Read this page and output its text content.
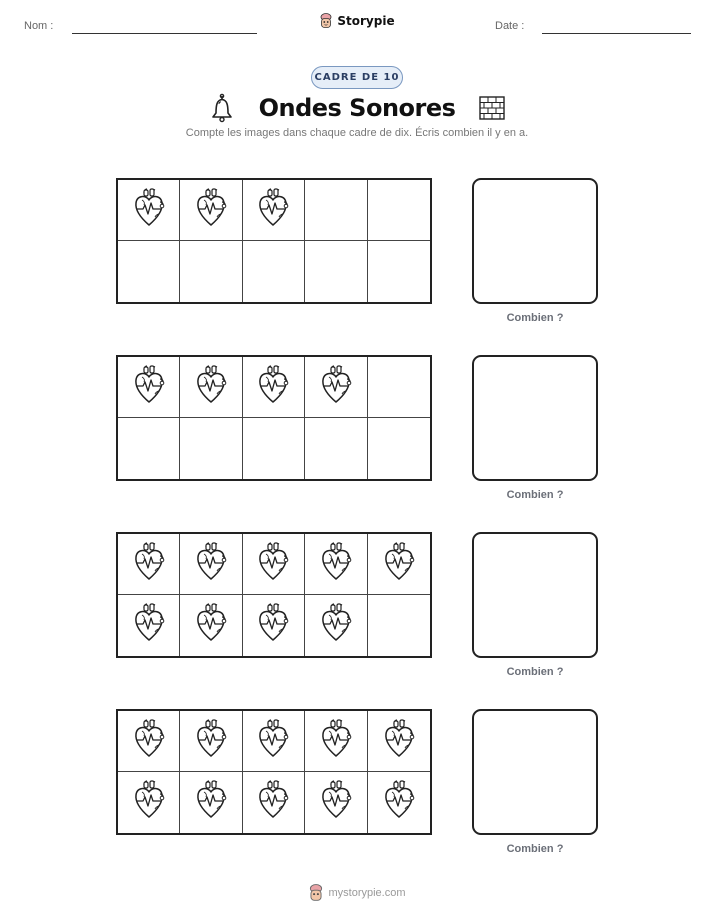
Nom :	Storypie	Date :
CADRE DE 10
Ondes Sonores
Compte les images dans chaque cadre de dix. Écris combien il y en a.
Combien ?
Combien ?
Combien ?
Combien ?
mystorypie.com
